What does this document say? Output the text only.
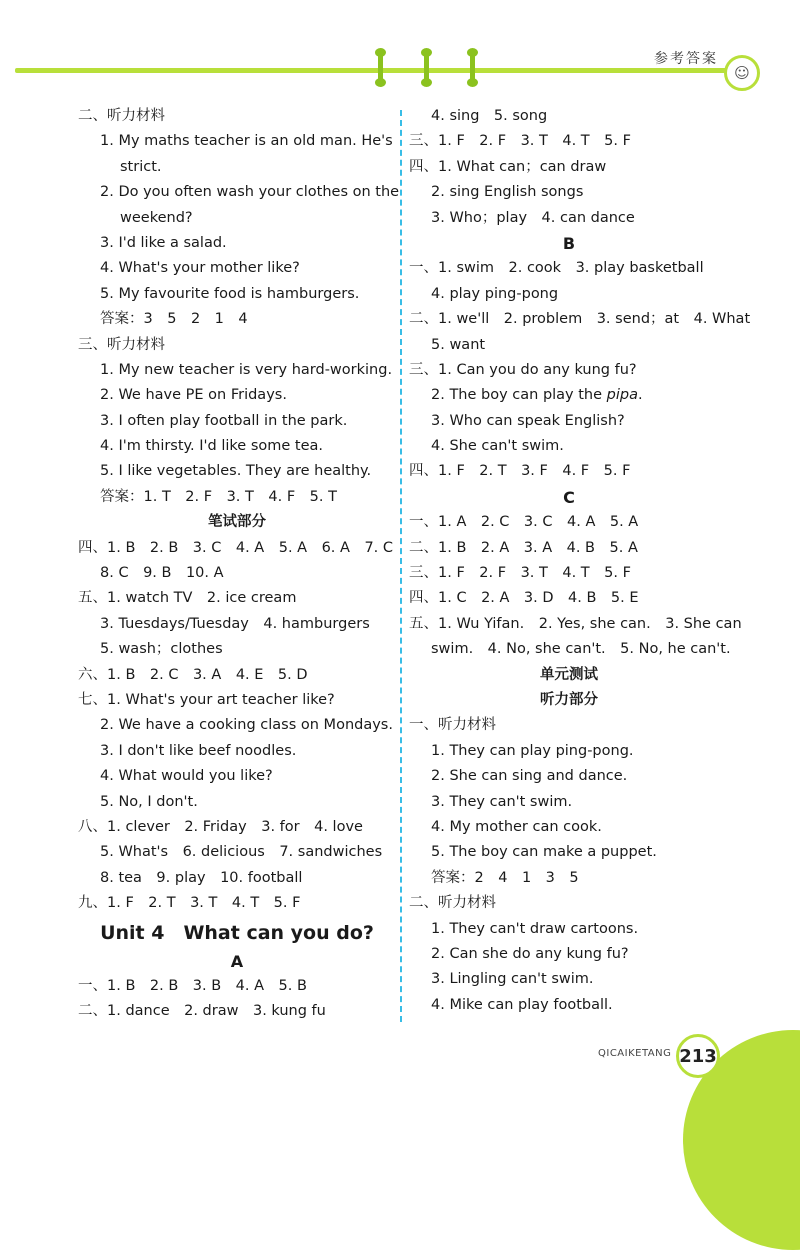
参考答案
☺
二、听力材料
1. My maths teacher is an old man. He's
strict.
2. Do you often wash your clothes on the
weekend?
3. I'd like a salad.
4. What's your mother like?
5. My favourite food is hamburgers.
答案：3　5　2　1　4
三、听力材料
1. My new teacher is very hard-working.
2. We have PE on Fridays.
3. I often play football in the park.
4. I'm thirsty. I'd like some tea.
5. I like vegetables. They are healthy.
答案：1. T　2. F　3. T　4. F　5. T
笔试部分
四、1. B　2. B　3. C　4. A　5. A　6. A　7. C
8. C　9. B　10. A
五、1. watch TV　2. ice cream
3. Tuesdays/Tuesday　4. hamburgers
5. wash；clothes
六、1. B　2. C　3. A　4. E　5. D
七、1. What's your art teacher like?
2. We have a cooking class on Mondays.
3. I don't like beef noodles.
4. What would you like?
5. No, I don't.
八、1. clever　2. Friday　3. for　4. love
5. What's　6. delicious　7. sandwiches
8. tea　9. play　10. football
九、1. F　2. T　3. T　4. T　5. F
Unit 4　What can you do?
A
一、1. B　2. B　3. B　4. A　5. B
二、1. dance　2. draw　3. kung fu
4. sing　5. song
三、1. F　2. F　3. T　4. T　5. F
四、1. What can；can draw
2. sing English songs
3. Who；play　4. can dance
B
一、1. swim　2. cook　3. play basketball
4. play ping-pong
二、1. we'll　2. problem　3. send；at　4. What
5. want
三、1. Can you do any kung fu?
2. The boy can play the pipa.
3. Who can speak English?
4. She can't swim.
四、1. F　2. T　3. F　4. F　5. F
C
一、1. A　2. C　3. C　4. A　5. A
二、1. B　2. A　3. A　4. B　5. A
三、1. F　2. F　3. T　4. T　5. F
四、1. C　2. A　3. D　4. B　5. E
五、1. Wu Yifan.　2. Yes, she can.　3. She can
swim.　4. No, she can't.　5. No, he can't.
单元测试
听力部分
一、听力材料
1. They can play ping-pong.
2. She can sing and dance.
3. They can't swim.
4. My mother can cook.
5. The boy can make a puppet.
答案：2　4　1　3　5
二、听力材料
1. They can't draw cartoons.
2. Can she do any kung fu?
3. Lingling can't swim.
4. Mike can play football.
QICAIKETANG 213
